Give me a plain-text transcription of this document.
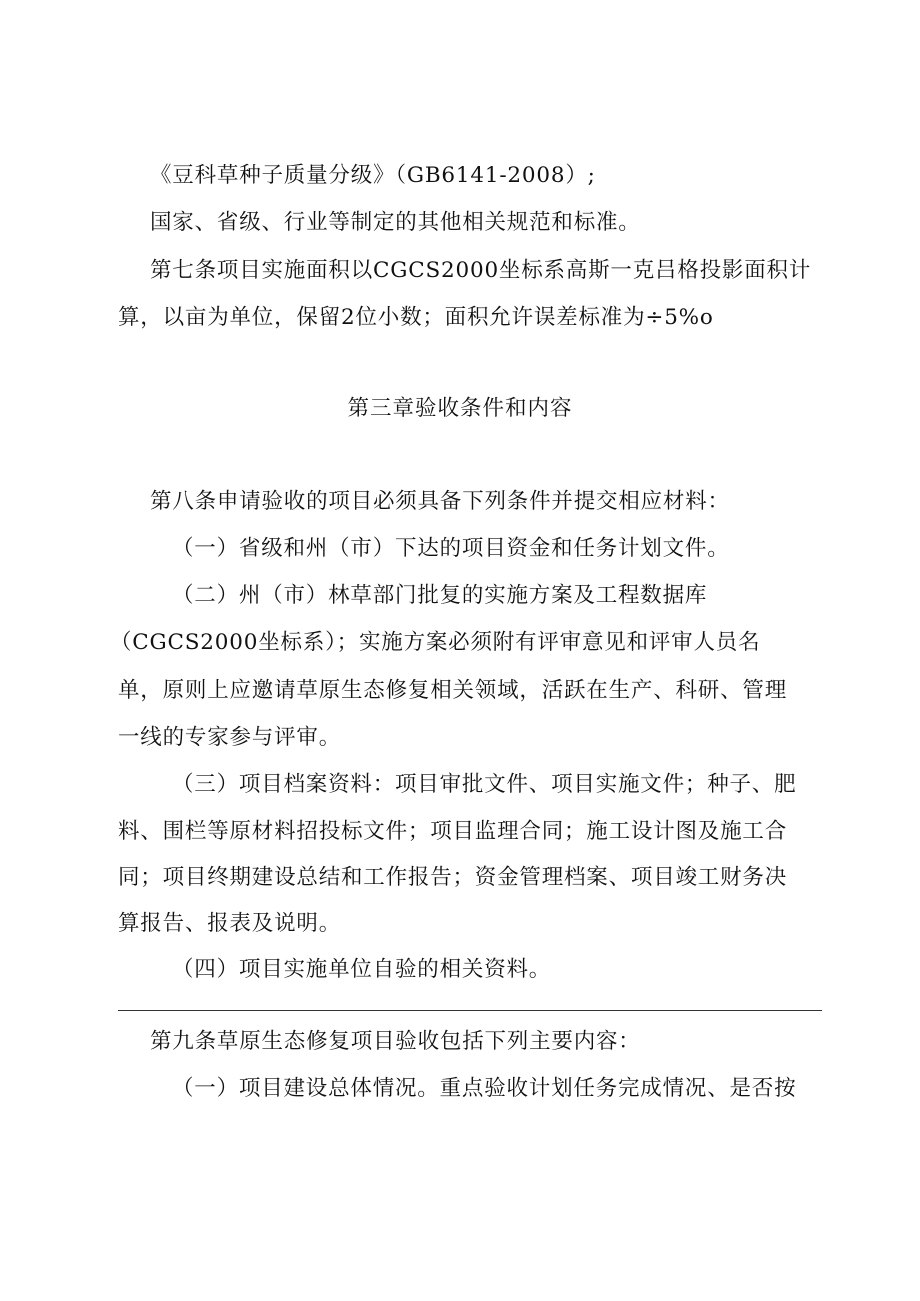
《豆科草种子质量分级》（GB6141-2008）;
国家、省级、行业等制定的其他相关规范和标准。
第七条项目实施面积以CGCS2000坐标系高斯一克吕格投影面积计
算，以亩为单位，保留2位小数；面积允许误差标准为÷5%o
第三章验收条件和内容
第八条申请验收的项目必须具备下列条件并提交相应材料：
（一）省级和州（市）下达的项目资金和任务计划文件。
（二）州（市）林草部门批复的实施方案及工程数据库
（CGCS2000坐标系）；实施方案必须附有评审意见和评审人员名
单，原则上应邀请草原生态修复相关领域，活跃在生产、科研、管理
一线的专家参与评审。
（三）项目档案资料：项目审批文件、项目实施文件；种子、肥
料、围栏等原材料招投标文件；项目监理合同；施工设计图及施工合
同；项目终期建设总结和工作报告；资金管理档案、项目竣工财务决
算报告、报表及说明。
（四）项目实施单位自验的相关资料。
第九条草原生态修复项目验收包括下列主要内容：
（一）项目建设总体情况。重点验收计划任务完成情况、是否按
